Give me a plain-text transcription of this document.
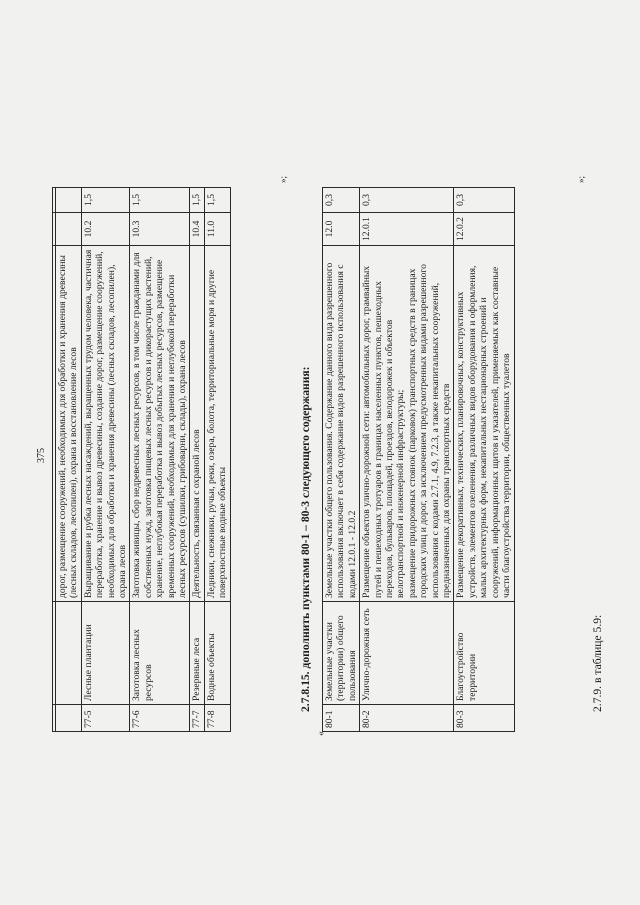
375

		дорог, размещение сооружений, необходимых для обработки и хранения древесины (лесных складов, лесопилен), охрана и восстановление лесов		

77-5	Лесные плантации	Выращивание и рубка лесных насаждений, выращенных трудом человека, частичная переработка, хранение и вывоз древесины, создание дорог, размещение сооружений, необходимых для обработки и хранения древесины (лесных складов, лесопилен), охрана лесов	10.2	1,5
77-6	Заготовка лесных ресурсов	Заготовка живицы, сбор недревесных лесных ресурсов, в том числе гражданами для собственных нужд, заготовка пищевых лесных ресурсов и дикорастущих растений, хранение, неглубокая переработка и вывоз добытых лесных ресурсов, размещение временных сооружений, необходимых для хранения и неглубокой переработки лесных ресурсов (сушилки, грибоварни, склады), охрана лесов	10.3	1,5
77-7	Резервные леса	Деятельность, связанная с охраной лесов	10.4	1,5
77-8	Водные объекты	Ледники, снежники, ручьи, реки, озера, болота, территориальные моря и другие поверхностные водные объекты	11.0	1,5
»;
«
2.7.8.15. дополнить пунктами 80-1 – 80-3 следующего содержания:
80-1	Земельные участки (территории) общего пользования	Земельные участки общего пользования. Содержание данного вида разрешенного использования включает в себя содержание видов разрешенного использования с кодами 12.0.1 - 12.0.2	12.0	0,3
80-2	Улично-дорожная сеть	Размещение объектов улично-дорожной сети: автомобильных дорог, трамвайных путей и пешеходных тротуаров в границах населенных пунктов, пешеходных переходов, бульваров, площадей, проездов, велодорожек и объектов велотранспортной и инженерной инфраструктуры; размещение придорожных стоянок (парковок) транспортных средств в границах городских улиц и дорог, за исключением предусмотренных видами разрешенного использования с кодами 2.7.1, 4.9, 7.2.3, а также некапитальных сооружений, предназначенных для охраны транспортных средств	12.0.1	0,3
80-3	Благоустройство территории	Размещение декоративных, технических, планировочных, конструктивных устройств, элементов озеленения, различных видов оборудования и оформления, малых архитектурных форм, некапитальных нестационарных строений и сооружений, информационных щитов и указателей, применяемых как составные части благоустройства территории, общественных туалетов	12.0.2	0,3
»;
2.7.9. в таблице 5.9:
